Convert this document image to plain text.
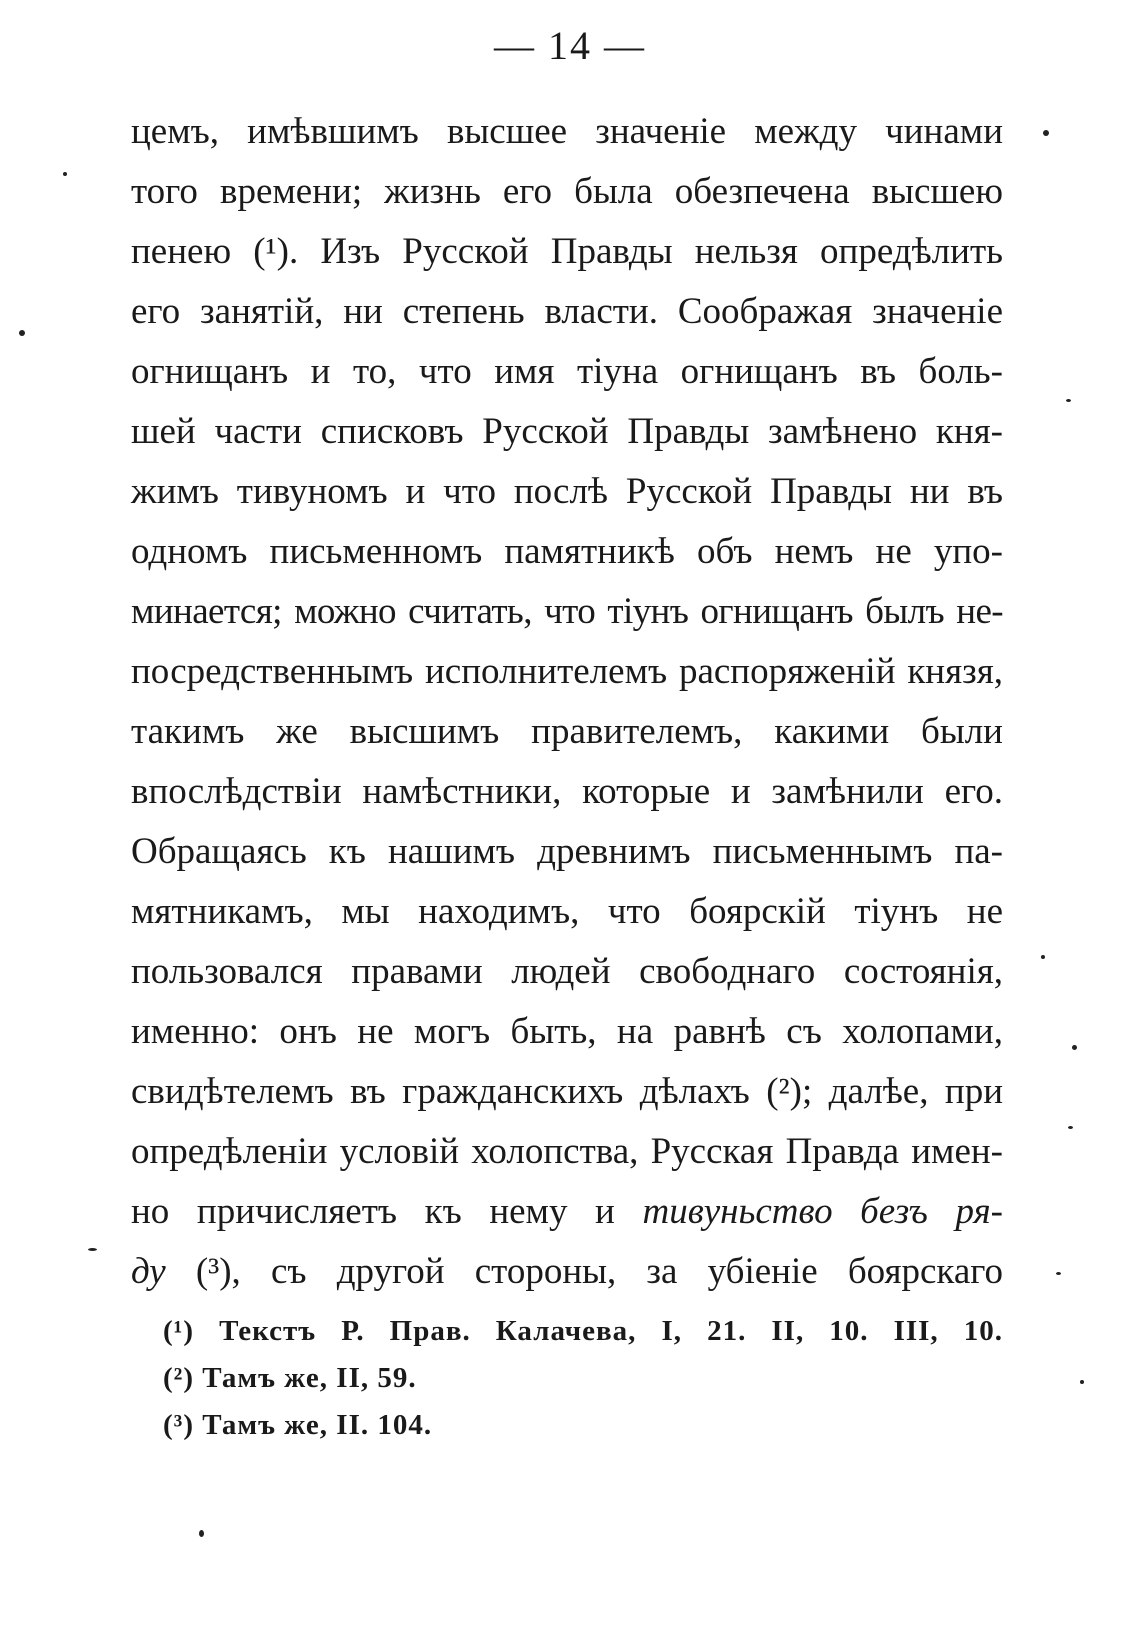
— 14 —
цемъ, имѣвшимъ высшее значеніе между чинами
того времени; жизнь его была обезпечена высшею
пенею (¹). Изъ Русской Правды нельзя опредѣлить
его занятій, ни степень власти. Соображая значеніе
огнищанъ и то, что имя тіуна огнищанъ въ боль-
шей части списковъ Русской Правды замѣнено кня-
жимъ тивуномъ и что послѣ Русской Правды ни въ
одномъ письменномъ памятникѣ объ немъ не упо-
минается; можно считать, что тіунъ огнищанъ былъ не-
посредственнымъ исполнителемъ распоряженій князя,
такимъ же высшимъ правителемъ, какими были
впослѣдствіи намѣстники, которые и замѣнили его.
Обращаясь къ нашимъ древнимъ письменнымъ па-
мятникамъ, мы находимъ, что боярскій тіунъ не
пользовался правами людей свободнаго состоянія,
именно: онъ не могъ быть, на равнѣ съ холопами,
свидѣтелемъ въ гражданскихъ дѣлахъ (²); далѣе, при
опредѣленіи условій холопства, Русская Правда имен-
но причисляетъ къ нему и тивуньство безъ ря-
ду (³), съ другой стороны, за убіеніе боярскаго
(¹) Текстъ Р. Прав. Калачева, I, 21. II, 10. III, 10.
(²) Тамъ же, II, 59.
(³) Тамъ же, II. 104.
